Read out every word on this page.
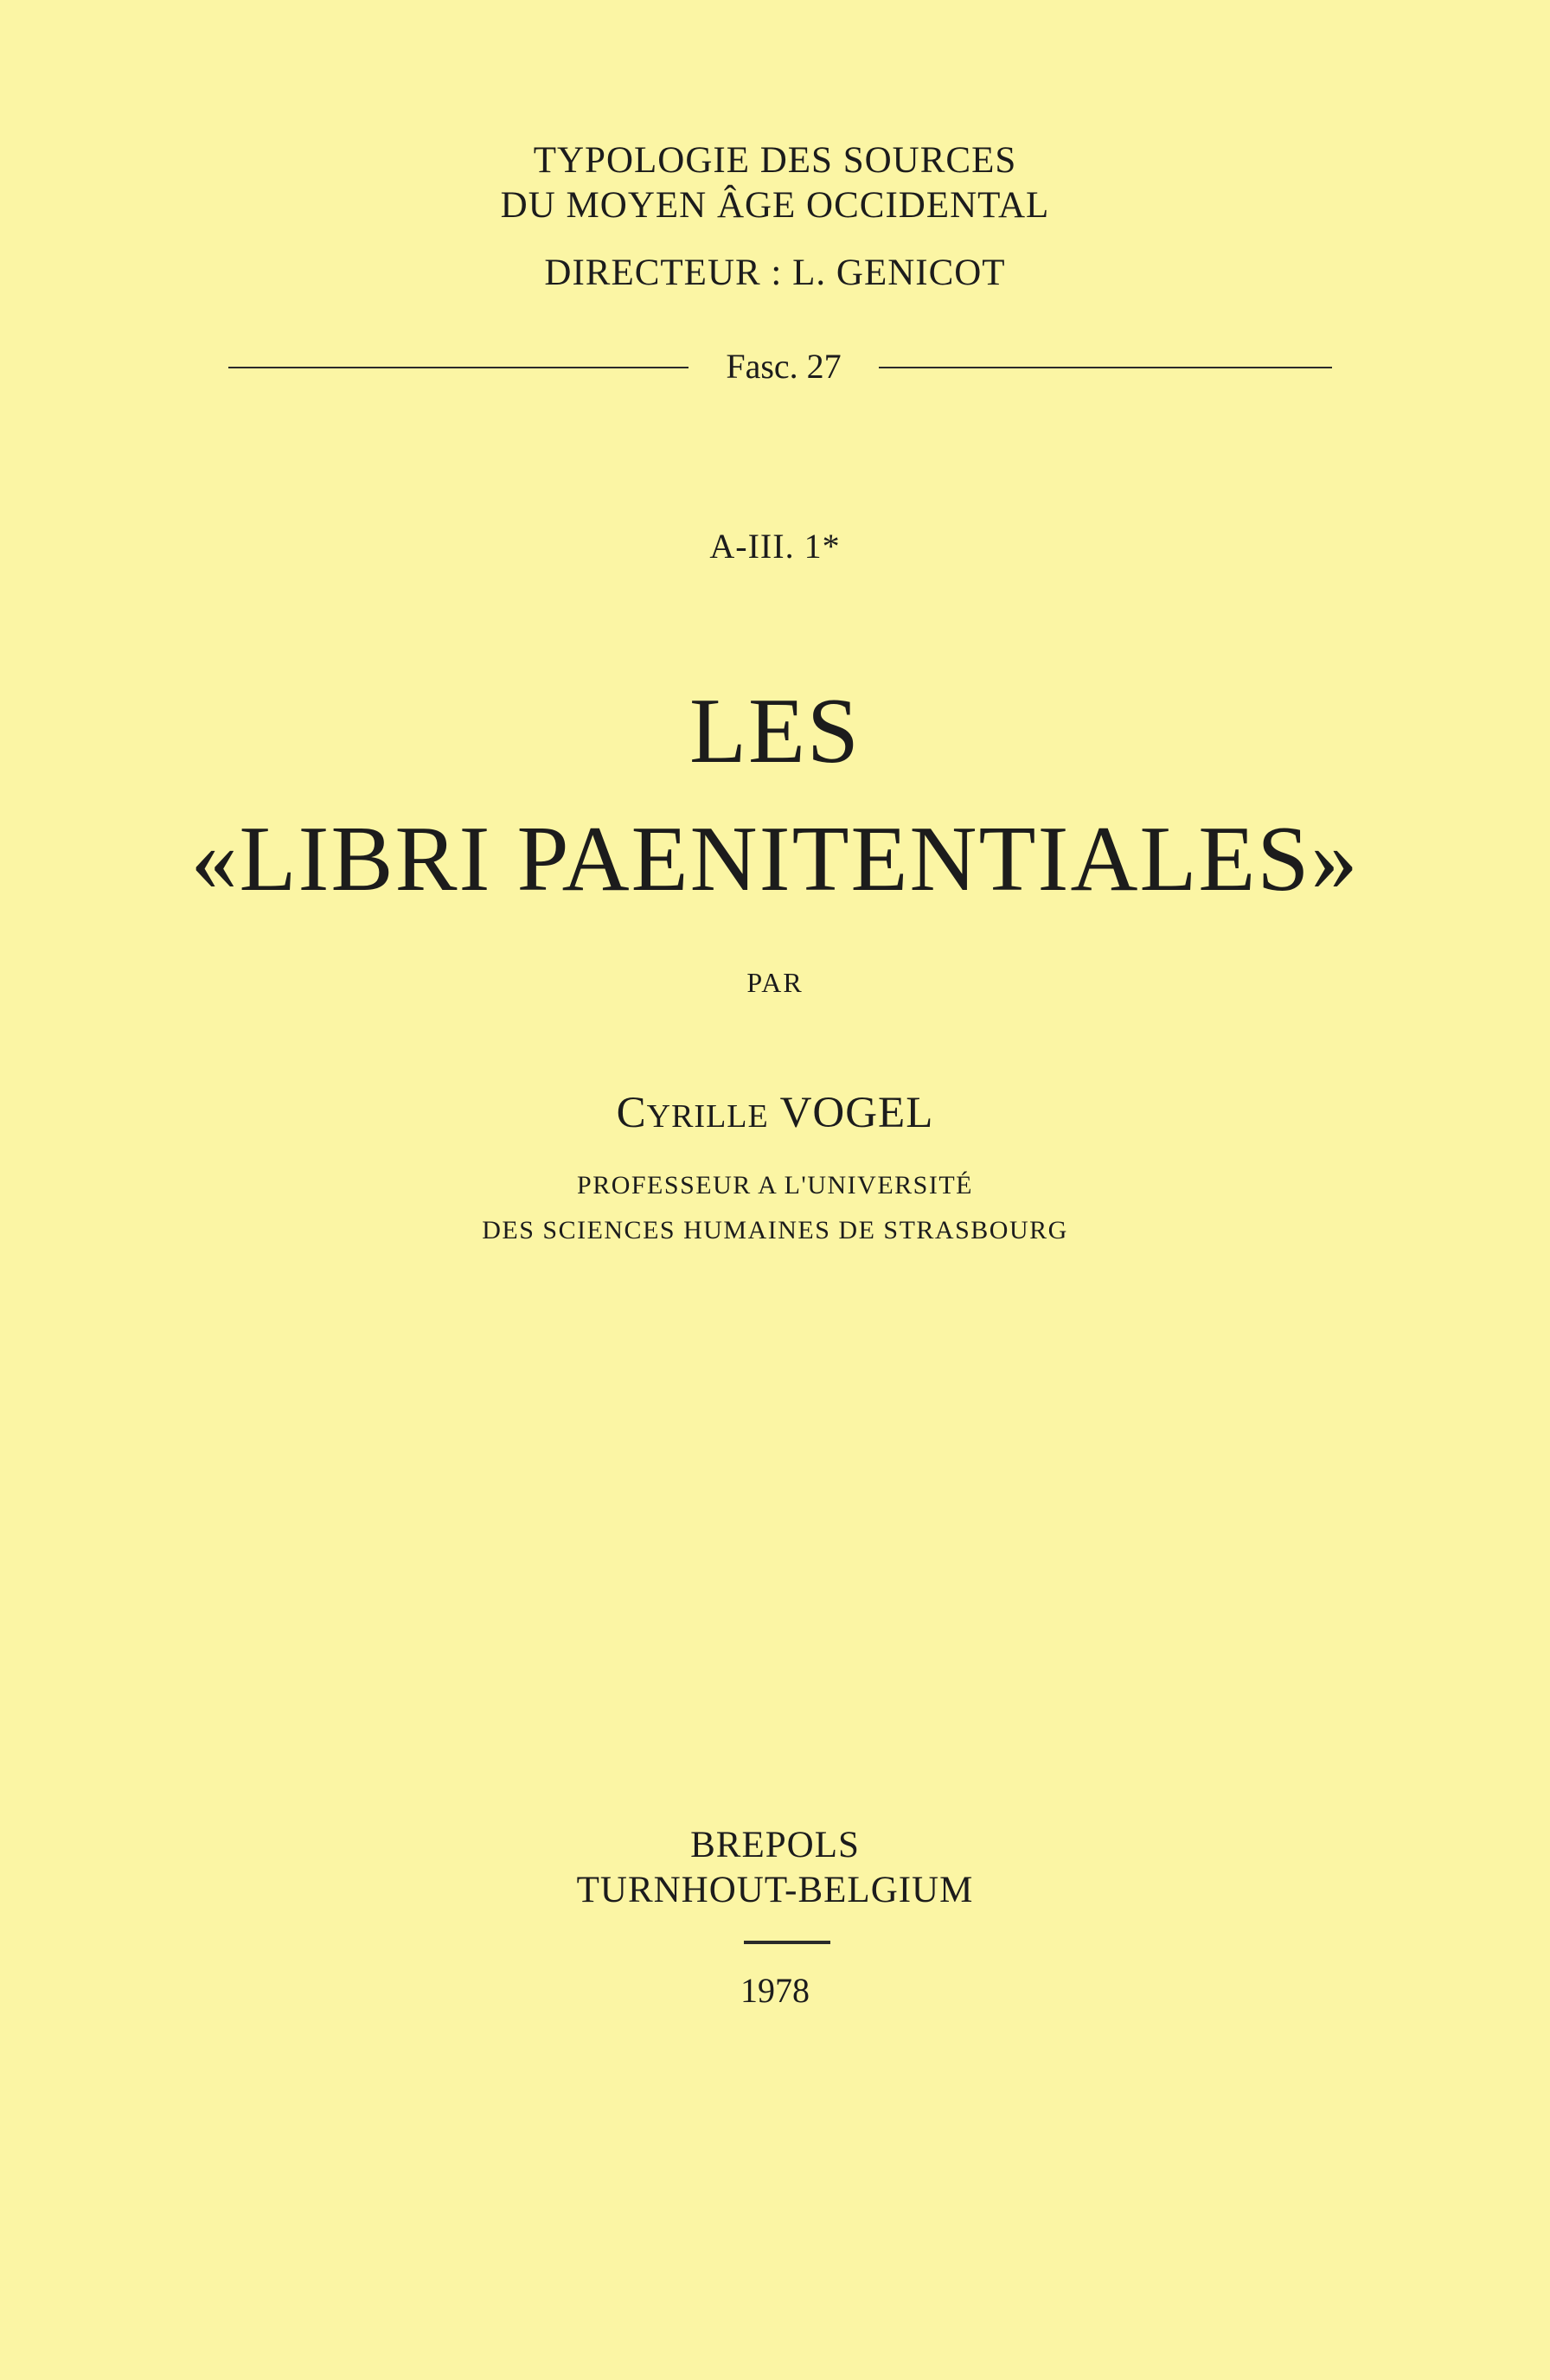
TYPOLOGIE DES SOURCES
DU MOYEN ÂGE OCCIDENTAL
DIRECTEUR : L. GENICOT
Fasc. 27
A-III. 1*
LES
«LIBRI PAENITENTIALES»
PAR
CYRILLE VOGEL
PROFESSEUR A L'UNIVERSITÉ
DES SCIENCES HUMAINES DE STRASBOURG
BREPOLS
TURNHOUT-BELGIUM
1978
